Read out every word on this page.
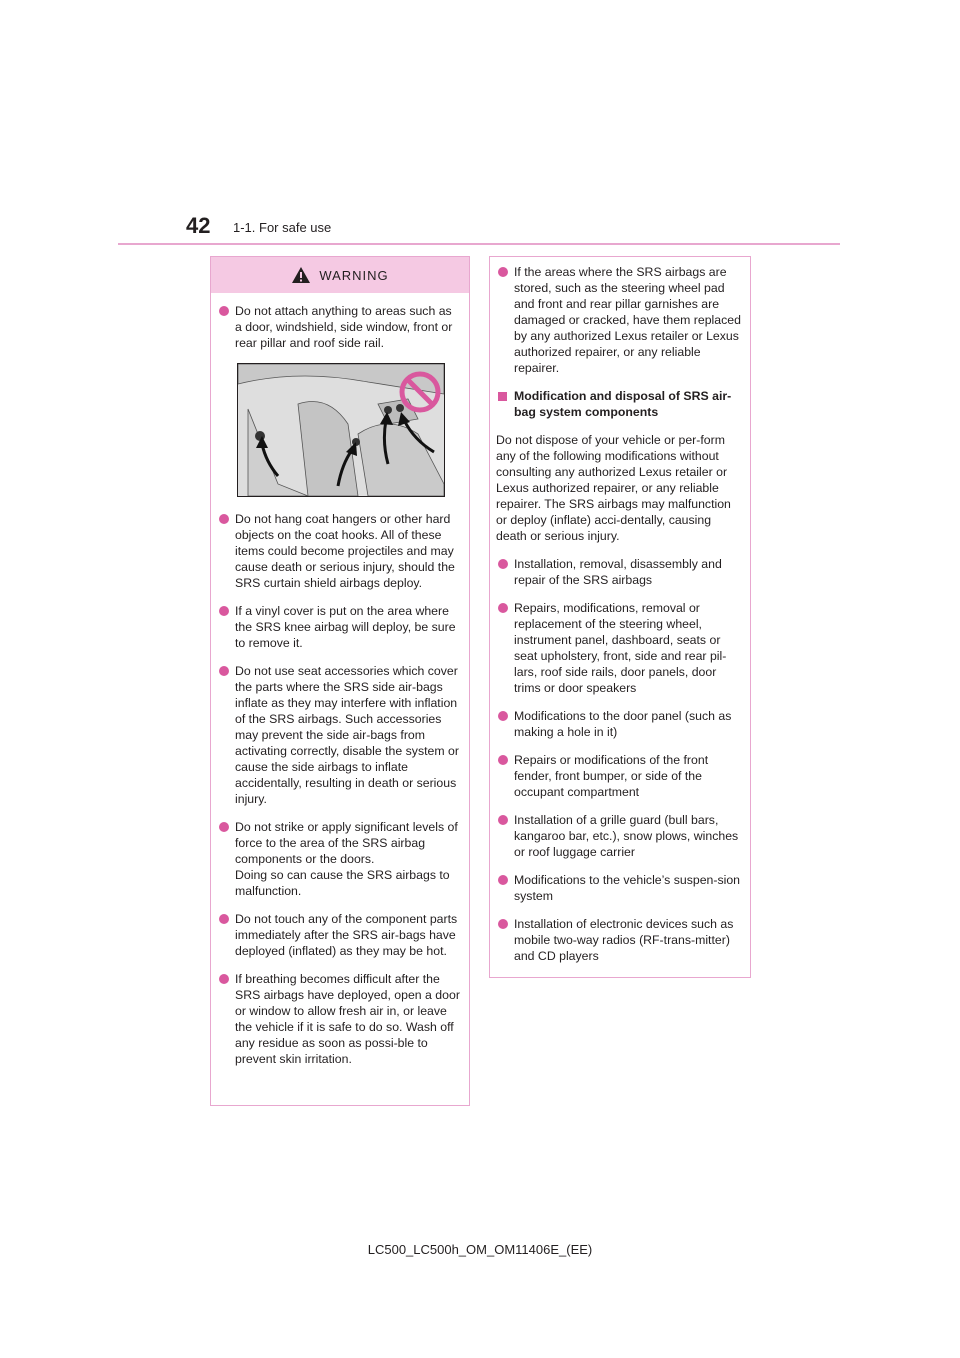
42 1-1. For safe use
WARNING
Do not attach anything to areas such as a door, windshield, side window, front or rear pillar and roof side rail.
Do not hang coat hangers or other hard objects on the coat hooks. All of these items could become projectiles and may cause death or serious injury, should the SRS curtain shield airbags deploy.
If a vinyl cover is put on the area where the SRS knee airbag will deploy, be sure to remove it.
Do not use seat accessories which cover the parts where the SRS side air-bags inflate as they may interfere with inflation of the SRS airbags. Such accessories may prevent the side air-bags from activating correctly, disable the system or cause the side airbags to inflate accidentally, resulting in death or serious injury.
Do not strike or apply significant levels of force to the area of the SRS airbag components or the doors.
Doing so can cause the SRS airbags to malfunction.
Do not touch any of the component parts immediately after the SRS air-bags have deployed (inflated) as they may be hot.
If breathing becomes difficult after the SRS airbags have deployed, open a door or window to allow fresh air in, or leave the vehicle if it is safe to do so. Wash off any residue as soon as possi-ble to prevent skin irritation.
If the areas where the SRS airbags are stored, such as the steering wheel pad and front and rear pillar garnishes are damaged or cracked, have them replaced by any authorized Lexus retailer or Lexus authorized repairer, or any reliable repairer.
Modification and disposal of SRS air-bag system components
Do not dispose of your vehicle or per-form any of the following modifications without consulting any authorized Lexus retailer or Lexus authorized repairer, or any reliable repairer. The SRS airbags may malfunction or deploy (inflate) acci-dentally, causing death or serious injury.
Installation, removal, disassembly and repair of the SRS airbags
Repairs, modifications, removal or replacement of the steering wheel, instrument panel, dashboard, seats or seat upholstery, front, side and rear pil-lars, roof side rails, door panels, door trims or door speakers
Modifications to the door panel (such as making a hole in it)
Repairs or modifications of the front fender, front bumper, or side of the occupant compartment
Installation of a grille guard (bull bars, kangaroo bar, etc.), snow plows, winches or roof luggage carrier
Modifications to the vehicle’s suspen-sion system
Installation of electronic devices such as mobile two-way radios (RF-trans-mitter) and CD players
LC500_LC500h_OM_OM11406E_(EE)
